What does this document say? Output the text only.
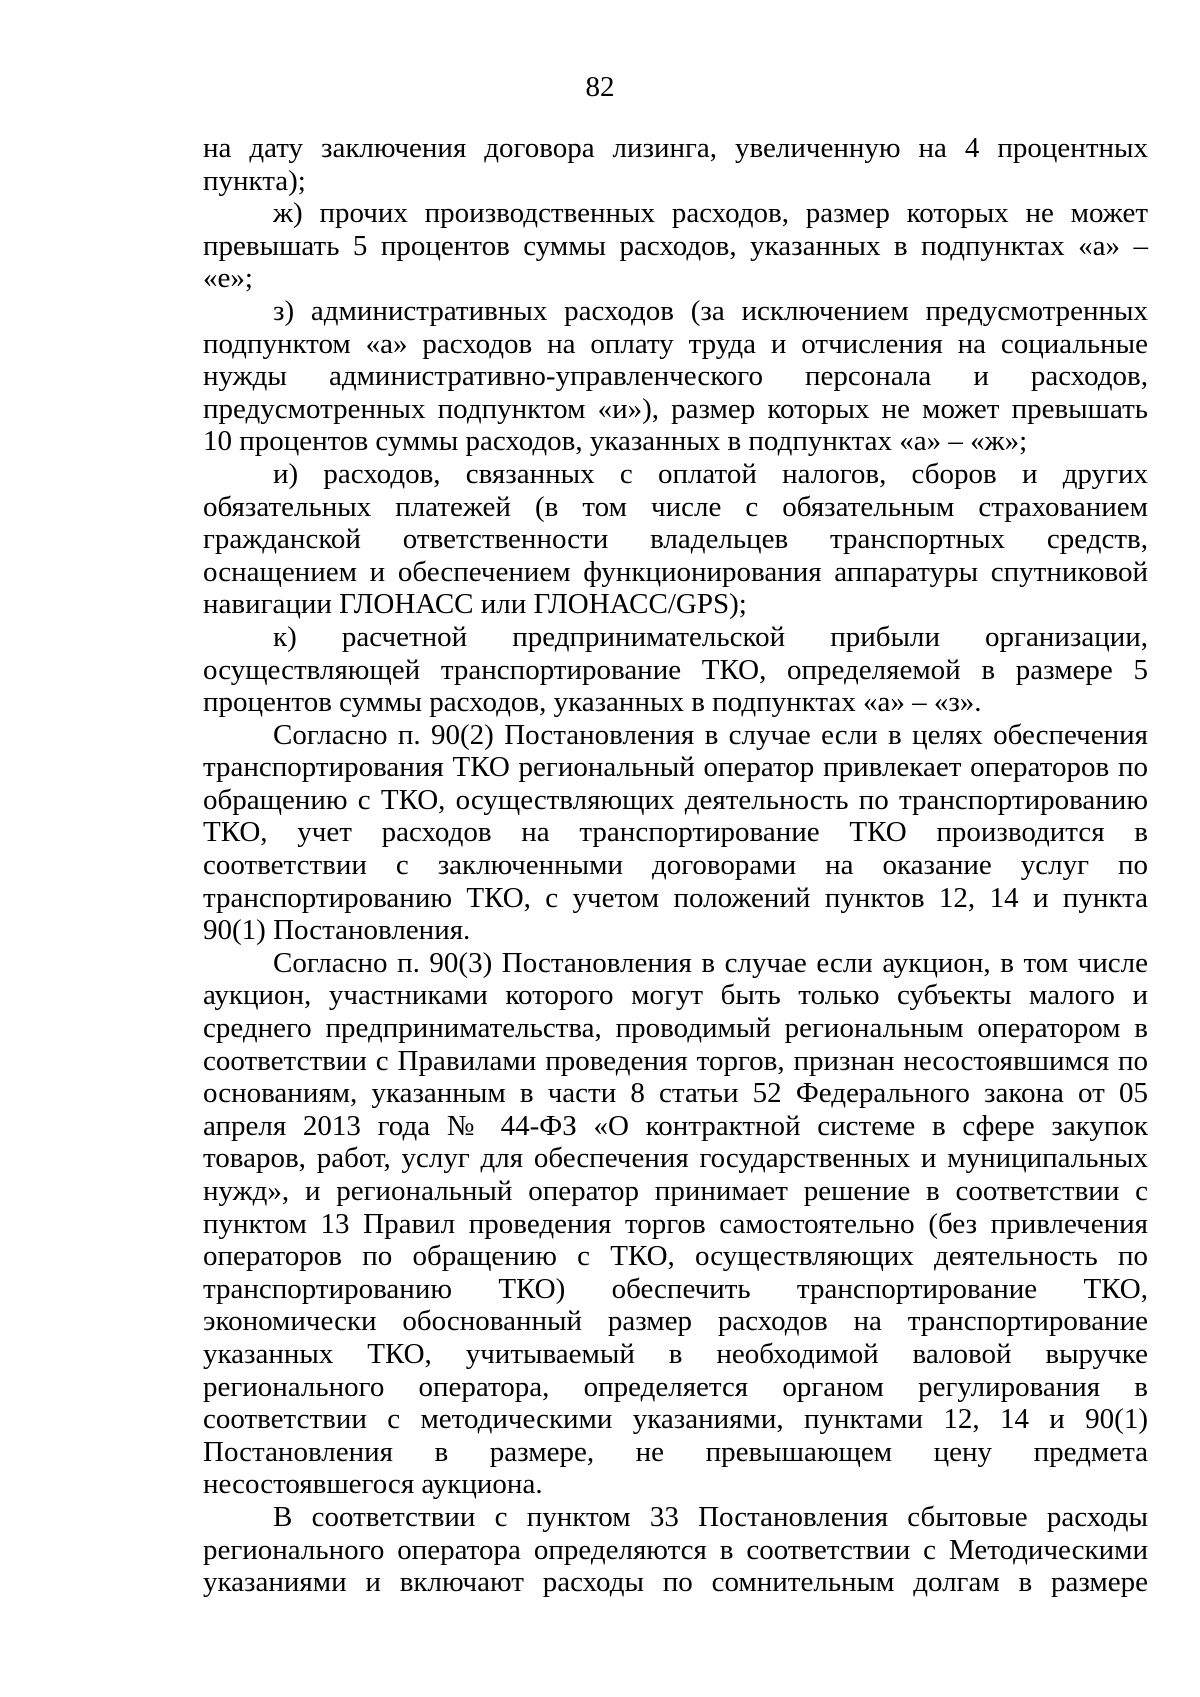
82

на дату заключения договора лизинга, увеличенную на 4 процентных пункта);

ж) прочих производственных расходов, размер которых не может превышать 5 процентов суммы расходов, указанных в подпунктах «а» – «е»;

з) административных расходов (за исключением предусмотренных подпунктом «а» расходов на оплату труда и отчисления на социальные нужды административно-управленческого персонала и расходов, предусмотренных подпунктом «и»), размер которых не может превышать 10 процентов суммы расходов, указанных в подпунктах «а» – «ж»;

и) расходов, связанных с оплатой налогов, сборов и других обязательных платежей (в том числе с обязательным страхованием гражданской ответственности владельцев транспортных средств, оснащением и обеспечением функционирования аппаратуры спутниковой навигации ГЛОНАСС или ГЛОНАСС/GPS);

к) расчетной предпринимательской прибыли организации, осуществляющей транспортирование ТКО, определяемой в размере 5 процентов суммы расходов, указанных в подпунктах «а» – «з».

Согласно п. 90(2) Постановления в случае если в целях обеспечения транспортирования ТКО региональный оператор привлекает операторов по обращению с ТКО, осуществляющих деятельность по транспортированию ТКО, учет расходов на транспортирование ТКО производится в соответствии с заключенными договорами на оказание услуг по транспортированию ТКО, с учетом положений пунктов 12, 14 и пункта 90(1) Постановления.

Согласно п. 90(3) Постановления в случае если аукцион, в том числе аукцион, участниками которого могут быть только субъекты малого и среднего предпринимательства, проводимый региональным оператором в соответствии с Правилами проведения торгов, признан несостоявшимся по основаниям, указанным в части 8 статьи 52 Федерального закона от 05 апреля 2013 года № 44-ФЗ «О контрактной системе в сфере закупок товаров, работ, услуг для обеспечения государственных и муниципальных нужд», и региональный оператор принимает решение в соответствии с пунктом 13 Правил проведения торгов самостоятельно (без привлечения операторов по обращению с ТКО, осуществляющих деятельность по транспортированию ТКО) обеспечить транспортирование ТКО, экономически обоснованный размер расходов на транспортирование указанных ТКО, учитываемый в необходимой валовой выручке регионального оператора, определяется органом регулирования в соответствии с методическими указаниями, пунктами 12, 14 и 90(1) Постановления в размере, не превышающем цену предмета несостоявшегося аукциона.

В соответствии с пунктом 33 Постановления сбытовые расходы регионального оператора определяются в соответствии с Методическими указаниями и включают расходы по сомнительным долгам в размере
